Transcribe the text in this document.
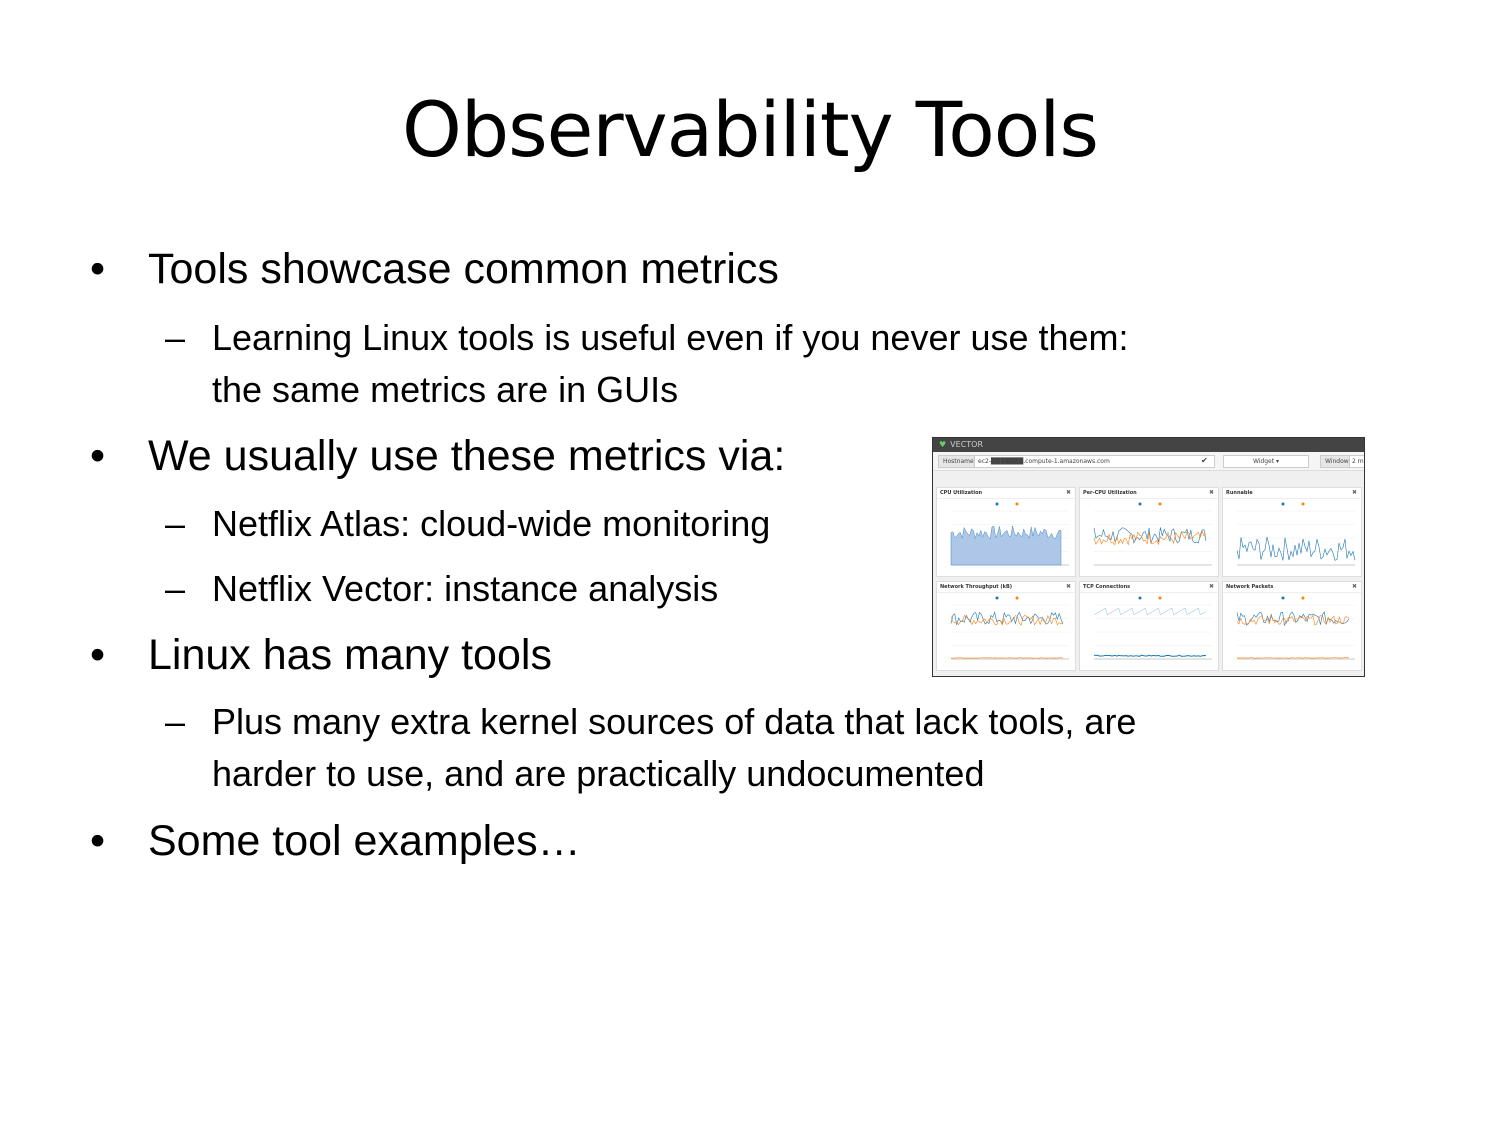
Observability Tools
• Tools showcase common metrics
– Learning Linux tools is useful even if you never use them:
the same metrics are in GUIs
• We usually use these metrics via:
– Netflix Atlas: cloud-wide monitoring
– Netflix Vector: instance analysis
• Linux has many tools
– Plus many extra kernel sources of data that lack tools, are
harder to use, and are practically undocumented
• Some tool examples…
♥ VECTOR
Hostname ec2-███████.compute-1.amazonaws.com	✔	Widget ▾	Window 2 m
CPU Utilization	✖	Per-CPU Utilization	✖	Runnable	✖
Network Throughput (kB)	✖	TCP Connections	✖	Network Packets	✖
